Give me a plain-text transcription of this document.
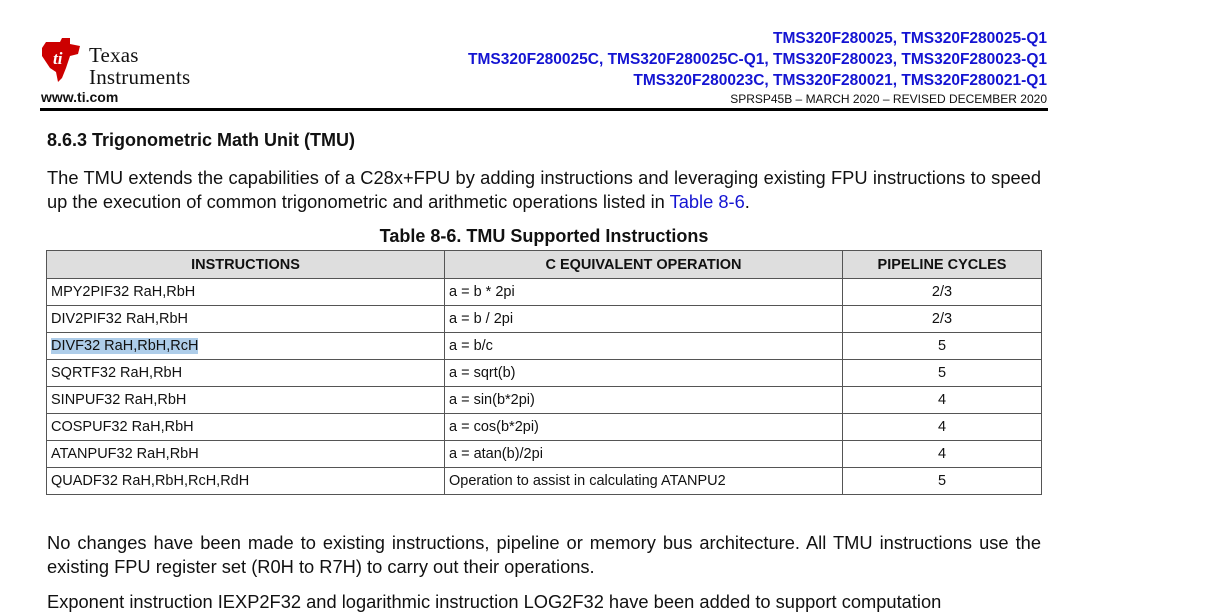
ti Texas
Instruments
www.ti.com
TMS320F280025, TMS320F280025-Q1
TMS320F280025C, TMS320F280025C-Q1, TMS320F280023, TMS320F280023-Q1
TMS320F280023C, TMS320F280021, TMS320F280021-Q1
SPRSP45B – MARCH 2020 – REVISED DECEMBER 2020
8.6.3 Trigonometric Math Unit (TMU)
The TMU extends the capabilities of a C28x+FPU by adding instructions and leveraging existing FPU instructions to speed up the execution of common trigonometric and arithmetic operations listed in Table 8-6.
Table 8-6. TMU Supported Instructions
INSTRUCTIONS	C EQUIVALENT OPERATION	PIPELINE CYCLES
MPY2PIF32 RaH,RbH	a = b * 2pi	2/3
DIV2PIF32 RaH,RbH	a = b / 2pi	2/3
DIVF32 RaH,RbH,RcH	a = b/c	5
SQRTF32 RaH,RbH	a = sqrt(b)	5
SINPUF32 RaH,RbH	a = sin(b*2pi)	4
COSPUF32 RaH,RbH	a = cos(b*2pi)	4
ATANPUF32 RaH,RbH	a = atan(b)/2pi	4
QUADF32 RaH,RbH,RcH,RdH	Operation to assist in calculating ATANPU2	5
No changes have been made to existing instructions, pipeline or memory bus architecture. All TMU instructions use the existing FPU register set (R0H to R7H) to carry out their operations.
Exponent instruction IEXP2F32 and logarithmic instruction LOG2F32 have been added to support computation
